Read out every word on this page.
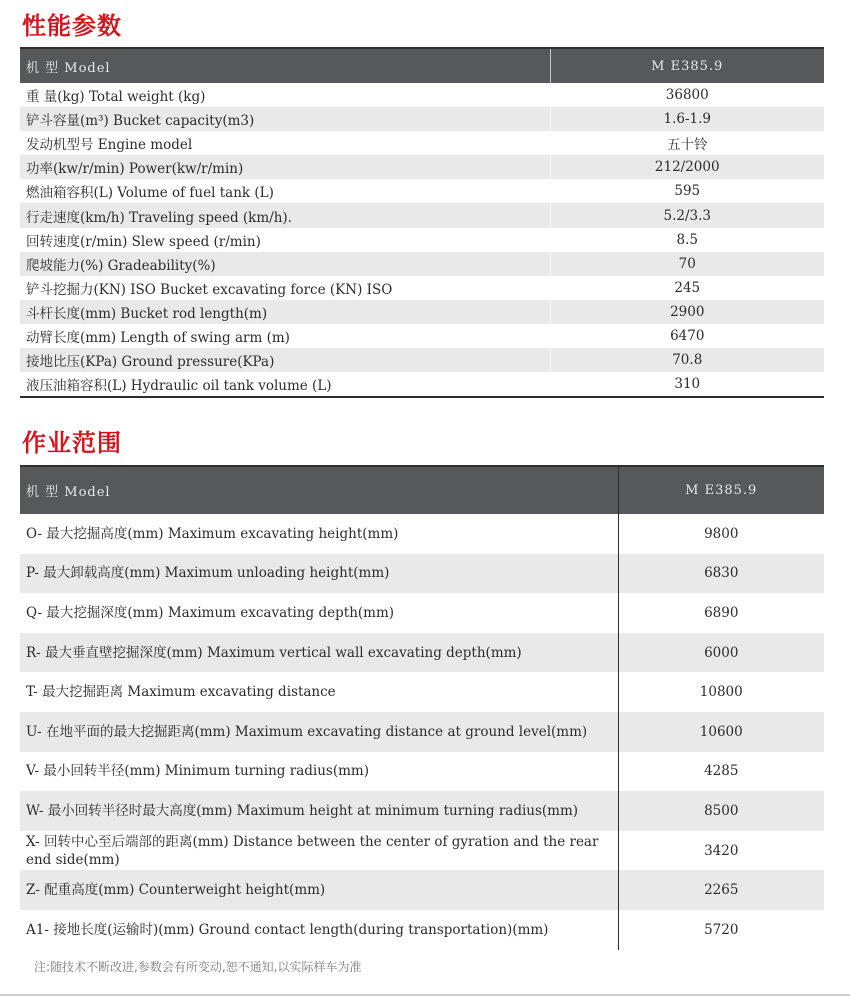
性能参数
机 型 Model	M E385.9
重 量(kg) Total weight (kg)	36800
铲斗容量(m³) Bucket capacity(m3)	1.6-1.9
发动机型号 Engine model	五十铃
功率(kw/r/min) Power(kw/r/min)	212/2000
燃油箱容积(L) Volume of fuel tank (L)	595
行走速度(km/h) Traveling speed (km/h).	5.2/3.3
回转速度(r/min) Slew speed (r/min)	8.5
爬坡能力(%) Gradeability(%)	70
铲斗挖掘力(KN) ISO Bucket excavating force (KN) ISO	245
斗杆长度(mm) Bucket rod length(m)	2900
动臂长度(mm) Length of swing arm (m)	6470
接地比压(KPa) Ground pressure(KPa)	70.8
液压油箱容积(L) Hydraulic oil tank volume (L)	310
作业范围
机 型 Model	M E385.9
O- 最大挖掘高度(mm) Maximum excavating height(mm)	9800
P- 最大卸载高度(mm) Maximum unloading height(mm)	6830
Q- 最大挖掘深度(mm) Maximum excavating depth(mm)	6890
R- 最大垂直壁挖掘深度(mm) Maximum vertical wall excavating depth(mm)	6000
T- 最大挖掘距离 Maximum excavating distance	10800
U- 在地平面的最大挖掘距离(mm) Maximum excavating distance at ground level(mm)	10600
V- 最小回转半径(mm) Minimum turning radius(mm)	4285
W- 最小回转半径时最大高度(mm) Maximum height at minimum turning radius(mm)	8500
X- 回转中心至后端部的距离(mm) Distance between the center of gyration and the rear end side(mm)	3420
Z- 配重高度(mm) Counterweight height(mm)	2265
A1- 接地长度(运输时)(mm) Ground contact length(during transportation)(mm)	5720
注:随技术不断改进,参数会有所变动,恕不通知,以实际样车为准
